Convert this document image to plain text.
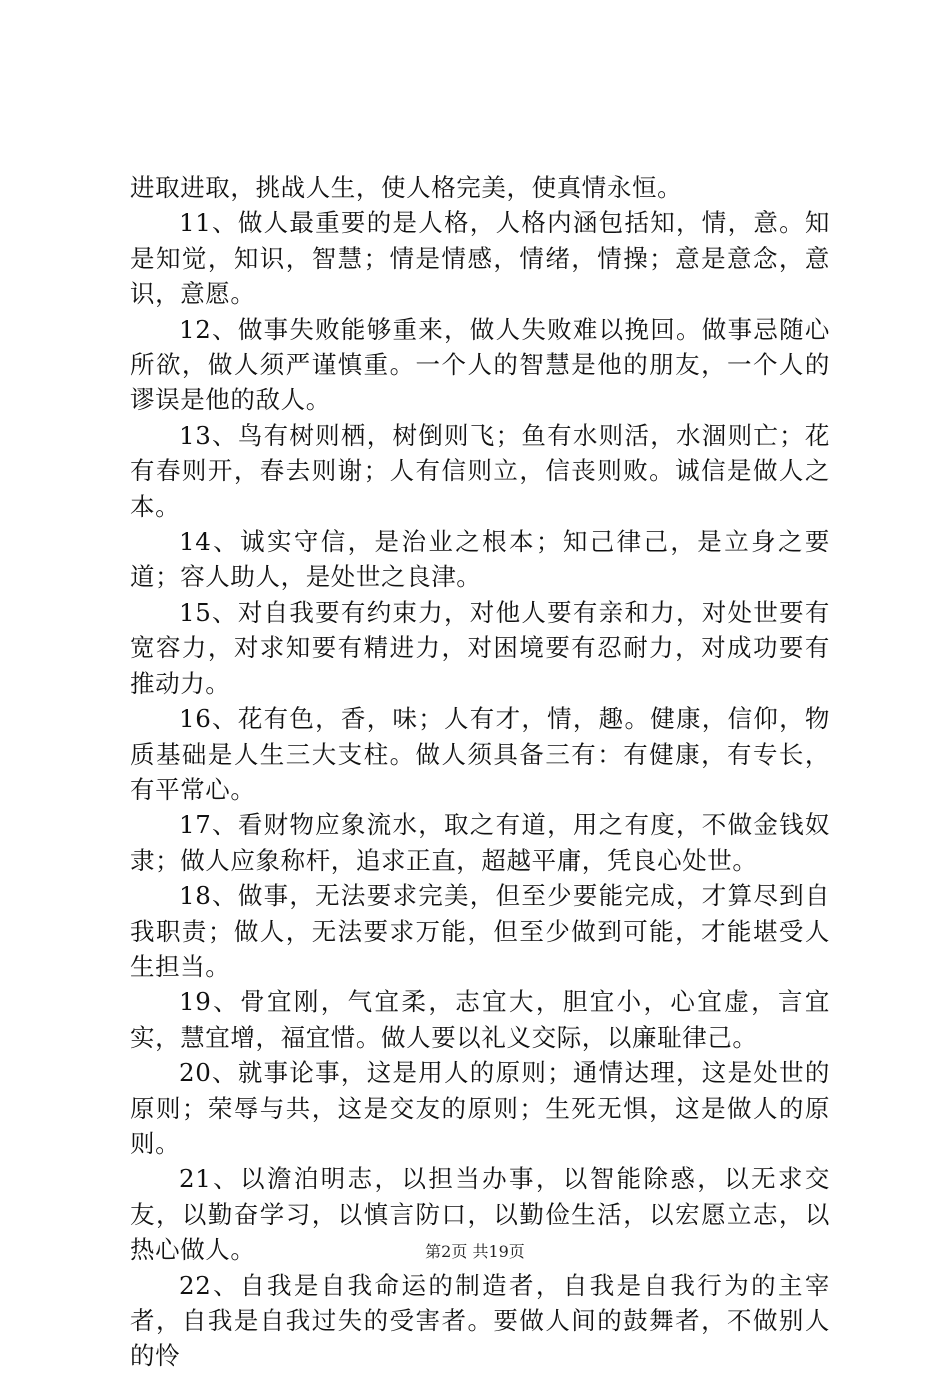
进取进取，挑战人生，使人格完美，使真情永恒。

11、做人最重要的是人格，人格内涵包括知，情，意。知是知觉，知识，智慧；情是情感，情绪，情操；意是意念，意识，意愿。

12、做事失败能够重来，做人失败难以挽回。做事忌随心所欲，做人须严谨慎重。一个人的智慧是他的朋友，一个人的谬误是他的敌人。

13、鸟有树则栖，树倒则飞；鱼有水则活，水涸则亡；花有春则开，春去则谢；人有信则立，信丧则败。诚信是做人之本。

14、诚实守信，是治业之根本；知己律己，是立身之要道；容人助人，是处世之良津。

15、对自我要有约束力，对他人要有亲和力，对处世要有宽容力，对求知要有精进力，对困境要有忍耐力，对成功要有推动力。

16、花有色，香，味；人有才，情，趣。健康，信仰，物质基础是人生三大支柱。做人须具备三有：有健康，有专长，有平常心。

17、看财物应象流水，取之有道，用之有度，不做金钱奴隶；做人应象称杆，追求正直，超越平庸，凭良心处世。

18、做事，无法要求完美，但至少要能完成，才算尽到自我职责；做人，无法要求万能，但至少做到可能，才能堪受人生担当。

19、骨宜刚，气宜柔，志宜大，胆宜小，心宜虚，言宜实，慧宜增，福宜惜。做人要以礼义交际，以廉耻律己。

20、就事论事，这是用人的原则；通情达理，这是处世的原则；荣辱与共，这是交友的原则；生死无惧，这是做人的原则。

21、以澹泊明志，以担当办事，以智能除惑，以无求交友，以勤奋学习，以慎言防口，以勤俭生活，以宏愿立志，以热心做人。

22、自我是自我命运的制造者，自我是自我行为的主宰者，自我是自我过失的受害者。要做人间的鼓舞者，不做别人的怜

第2页 共19页
